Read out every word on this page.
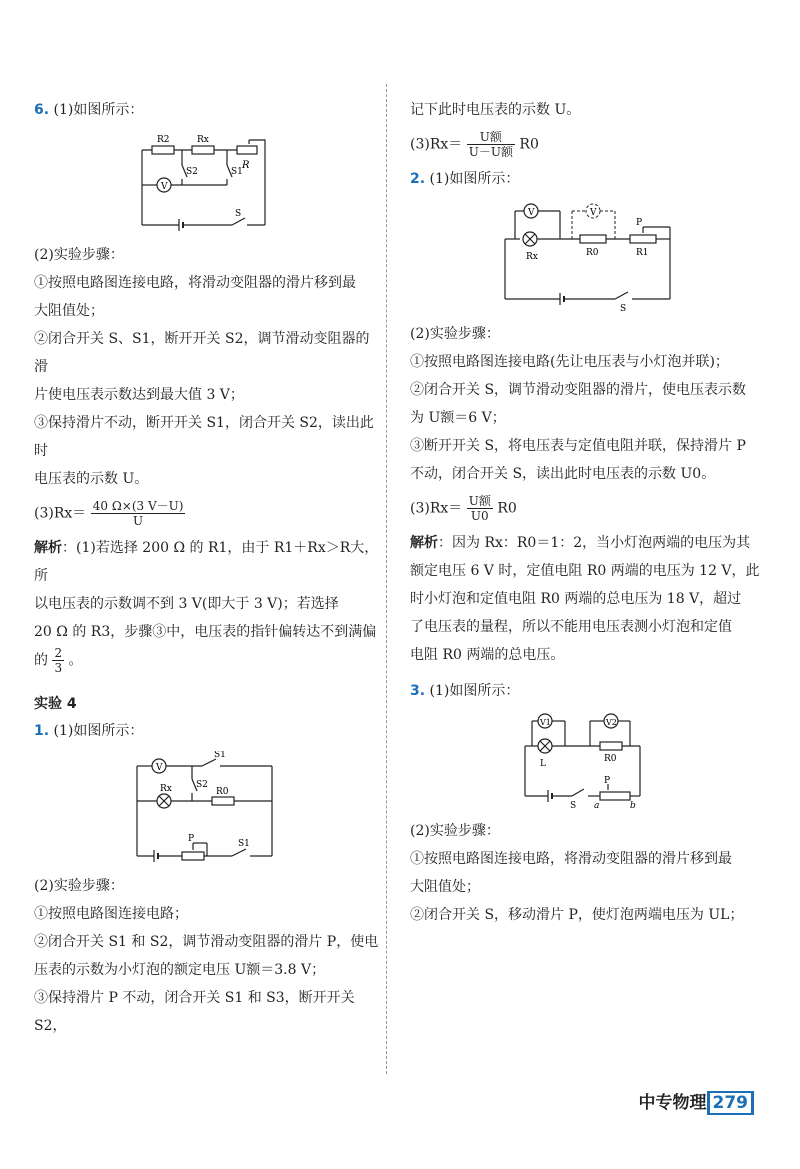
6. (1)如图所示：
R2	Rx
R
S2	S1
V
S

(2)实验步骤：

①按照电路图连接电路，将滑动变阻器的滑片移到最

大阻值处；

②闭合开关 S、S1，断开开关 S2，调节滑动变阻器的滑

片使电压表示数达到最大值 3 V；

③保持滑片不动，断开开关 S1，闭合开关 S2，读出此时

电压表的示数 U。

$(3)Rx= \frac{40 \Omega\times(3 V-U)}{U}$

解析：(1)若选择 200 Ω 的 R1，由于 R1＋Rx＞R大，所

以电压表的示数调不到 3 V(即大于 3 V)；若选择

20 Ω 的 R3，步骤③中，电压表的指针偏转达不到满偏

的 $\frac{2}{3}$ 。
实验 4
1. (1)如图所示：
V
S1
S2
Rx	R0
P	S1

(2)实验步骤：

①按照电路图连接电路；

②闭合开关 S1 和 S2，调节滑动变阻器的滑片 P，使电

压表的示数为小灯泡的额定电压 U额＝3.8 V；

③保持滑片 P 不动，闭合开关 S1 和 S3，断开开关 S2，

记下此时电压表的示数 U。

$(3)Rx= \frac{\text{U额}}{\text{U－U额}} R0$
2. (1)如图所示：
V	V
P
Rx	R0	R1
S

(2)实验步骤：

①按照电路图连接电路(先让电压表与小灯泡并联)；

②闭合开关 S，调节滑动变阻器的滑片，使电压表示数

为 U额＝6 V；

③断开开关 S，将电压表与定值电阻并联，保持滑片 P

不动，闭合开关 S，读出此时电压表的示数 U0。

$(3)Rx= \frac{\text{U额}}{U0} R0$

解析：因为 Rx：R0＝1：2，当小灯泡两端的电压为其

额定电压 6 V 时，定值电阻 R0 两端的电压为 12 V，此

时小灯泡和定值电阻 R0 两端的总电压为 18 V，超过

了电压表的量程，所以不能用电压表测小灯泡和定值

电阻 R0 两端的总电压。

3. (1)如图所示：
V1	V2
L	R0
P
S a	b

(2)实验步骤：

①按照电路图连接电路，将滑动变阻器的滑片移到最

大阻值处；

②闭合开关 S，移动滑片 P，使灯泡两端电压为 UL；

中专物理 279
